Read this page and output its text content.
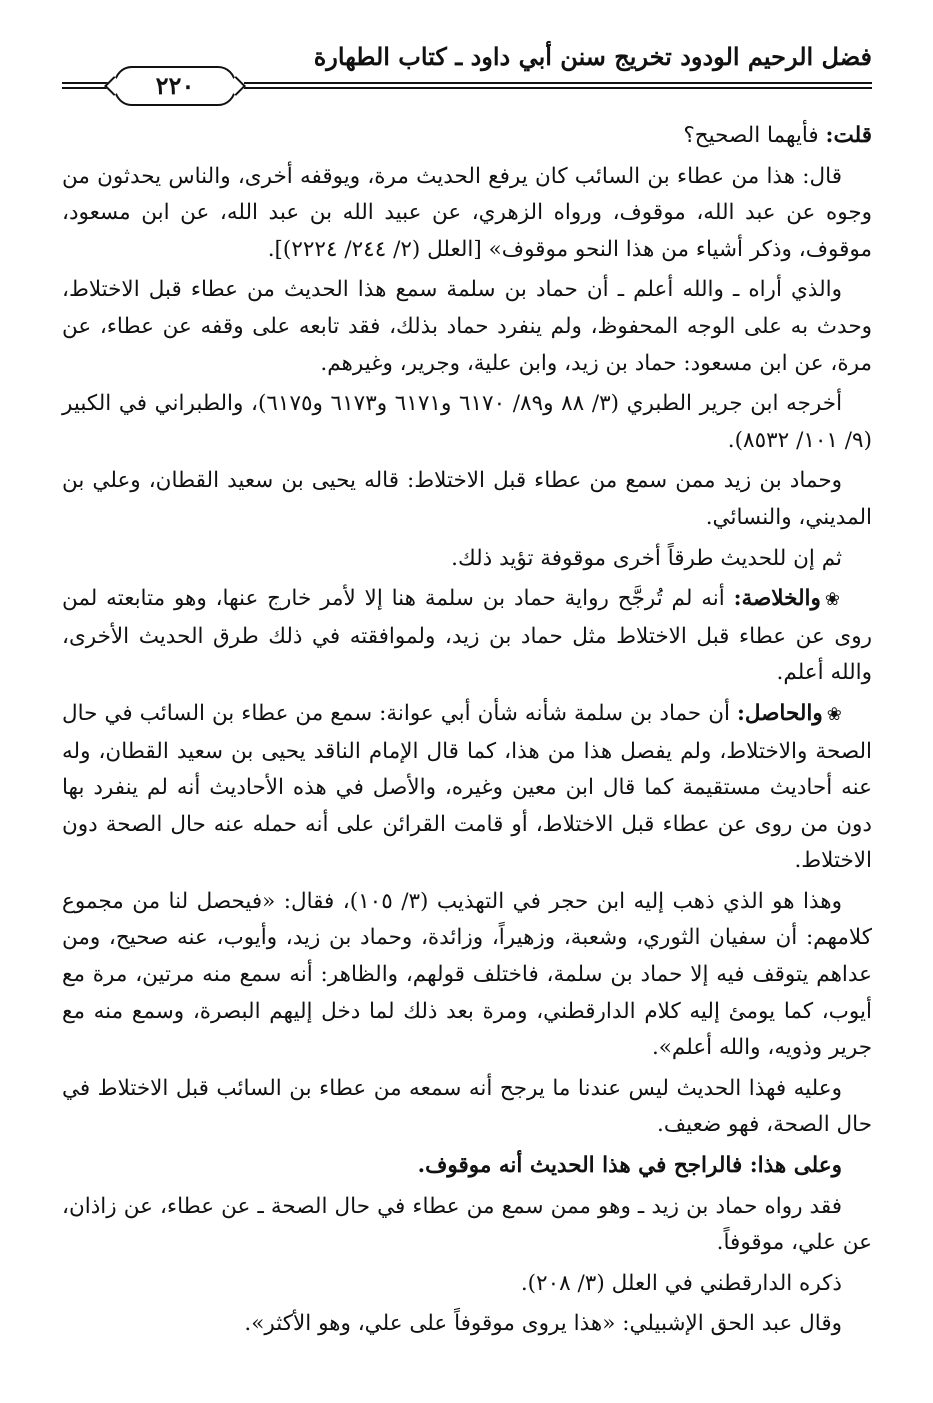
فضل الرحيم الودود تخريج سنن أبي داود ـ كتاب الطهارة
٢٢٠

قلت: فأيهما الصحيح؟

قال: هذا من عطاء بن السائب كان يرفع الحديث مرة، ويوقفه أخرى، والناس يحدثون من وجوه عن عبد الله، موقوف، ورواه الزهري، عن عبيد الله بن عبد الله، عن ابن مسعود، موقوف، وذكر أشياء من هذا النحو موقوف» [العلل (٢/ ٢٤٤/ ٢٢٢٤)].

والذي أراه ـ والله أعلم ـ أن حماد بن سلمة سمع هذا الحديث من عطاء قبل الاختلاط، وحدث به على الوجه المحفوظ، ولم ينفرد حماد بذلك، فقد تابعه على وقفه عن عطاء، عن مرة، عن ابن مسعود: حماد بن زيد، وابن علية، وجرير، وغيرهم.

أخرجه ابن جرير الطبري (٣/ ٨٨ و٨٩/ ٦١٧٠ و٦١٧١ و٦١٧٣ و٦١٧٥)، والطبراني في الكبير (٩/ ١٠١/ ٨٥٣٢).

وحماد بن زيد ممن سمع من عطاء قبل الاختلاط: قاله يحيى بن سعيد القطان، وعلي بن المديني، والنسائي.

ثم إن للحديث طرقاً أخرى موقوفة تؤيد ذلك.

❀والخلاصة: أنه لم تُرجَّح رواية حماد بن سلمة هنا إلا لأمر خارج عنها، وهو متابعته لمن روى عن عطاء قبل الاختلاط مثل حماد بن زيد، ولموافقته في ذلك طرق الحديث الأخرى، والله أعلم.

❀والحاصل: أن حماد بن سلمة شأنه شأن أبي عوانة: سمع من عطاء بن السائب في حال الصحة والاختلاط، ولم يفصل هذا من هذا، كما قال الإمام الناقد يحيى بن سعيد القطان، وله عنه أحاديث مستقيمة كما قال ابن معين وغيره، والأصل في هذه الأحاديث أنه لم ينفرد بها دون من روى عن عطاء قبل الاختلاط، أو قامت القرائن على أنه حمله عنه حال الصحة دون الاختلاط.

وهذا هو الذي ذهب إليه ابن حجر في التهذيب (٣/ ١٠٥)، فقال: «فيحصل لنا من مجموع كلامهم: أن سفيان الثوري، وشعبة، وزهيراً، وزائدة، وحماد بن زيد، وأيوب، عنه صحيح، ومن عداهم يتوقف فيه إلا حماد بن سلمة، فاختلف قولهم، والظاهر: أنه سمع منه مرتين، مرة مع أيوب، كما يومئ إليه كلام الدارقطني، ومرة بعد ذلك لما دخل إليهم البصرة، وسمع منه مع جرير وذويه، والله أعلم».

وعليه فهذا الحديث ليس عندنا ما يرجح أنه سمعه من عطاء بن السائب قبل الاختلاط في حال الصحة، فهو ضعيف.

وعلى هذا: فالراجح في هذا الحديث أنه موقوف.

فقد رواه حماد بن زيد ـ وهو ممن سمع من عطاء في حال الصحة ـ عن عطاء، عن زاذان، عن علي، موقوفاً.

ذكره الدارقطني في العلل (٣/ ٢٠٨).

وقال عبد الحق الإشبيلي: «هذا يروى موقوفاً على علي، وهو الأكثر».
